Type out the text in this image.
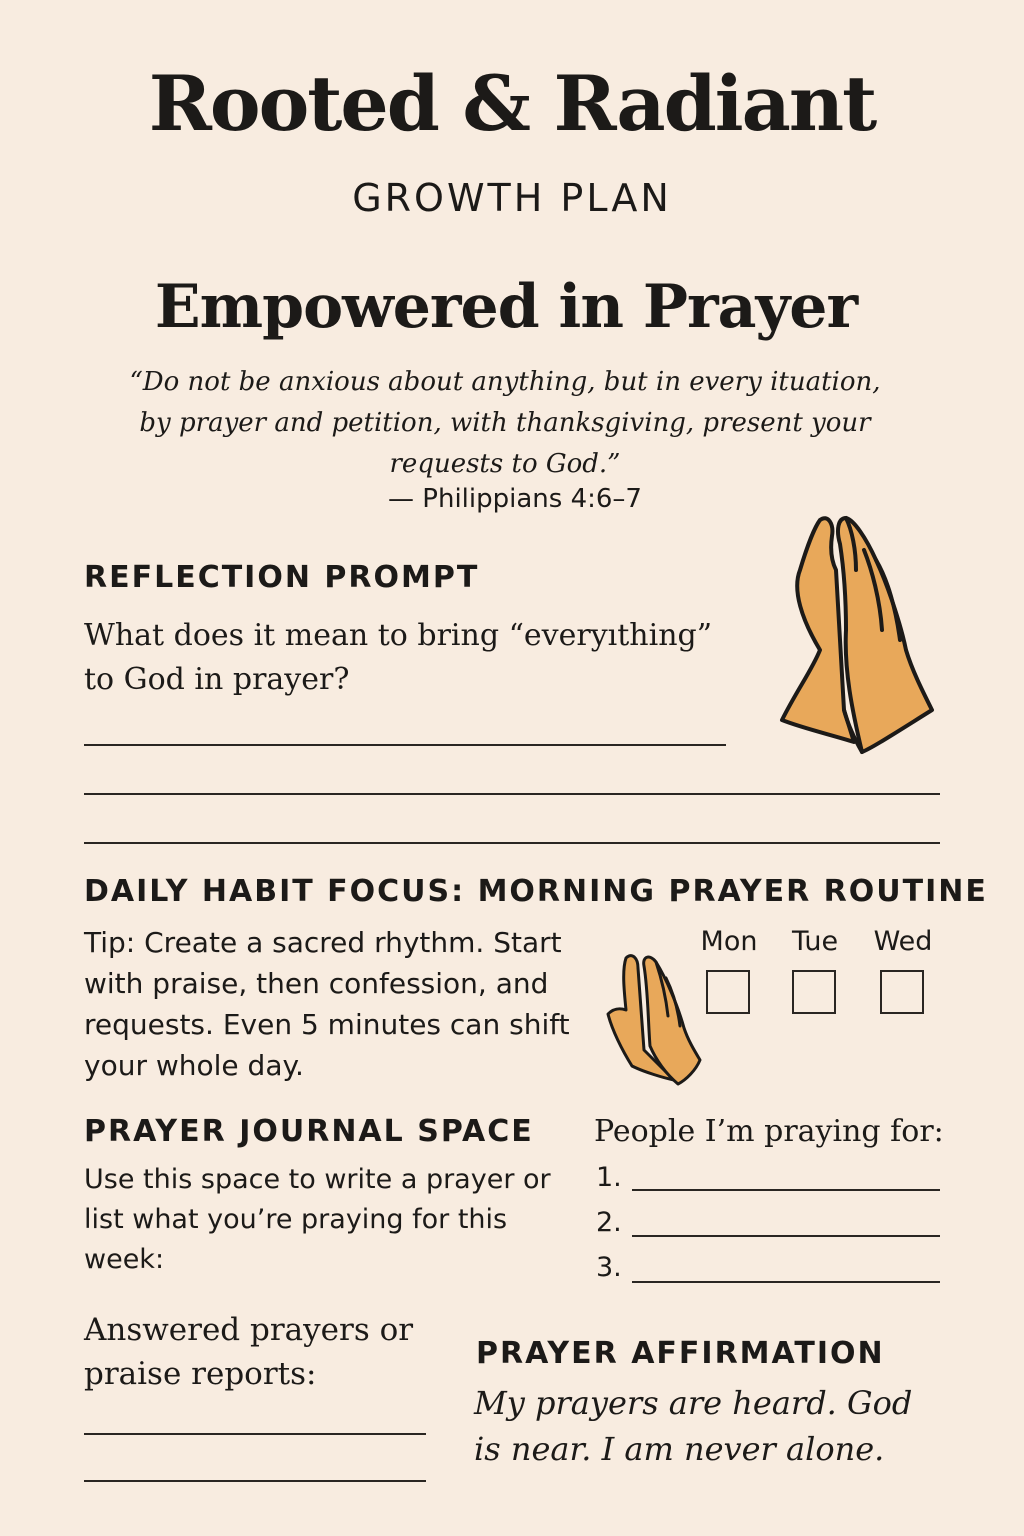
Rooted & Radiant
GROWTH PLAN
Empowered in Prayer
“Do not be anxious about anything, but in every ituation, by prayer and petition, with thanksgiving, present your requests to God.”
— Philippians 4:6–7
REFLECTION PROMPT
What does it mean to bring “everyıthing” to God in prayer?
DAILY HABIT FOCUS: MORNING PRAYER ROUTINE
Tip: Create a sacred rhythm. Start with praise, then confession, and requests. Even 5 minutes can shift your whole day.
Mon	Tue	Wed
PRAYER JOURNAL SPACE
Use this space to write a prayer or list what you’re praying for this week:
People I’m praying for:
1.
2.
3.
Answered prayers or praise reports:
PRAYER AFFIRMATION
My prayers are heard. God is near. I am never alone.
